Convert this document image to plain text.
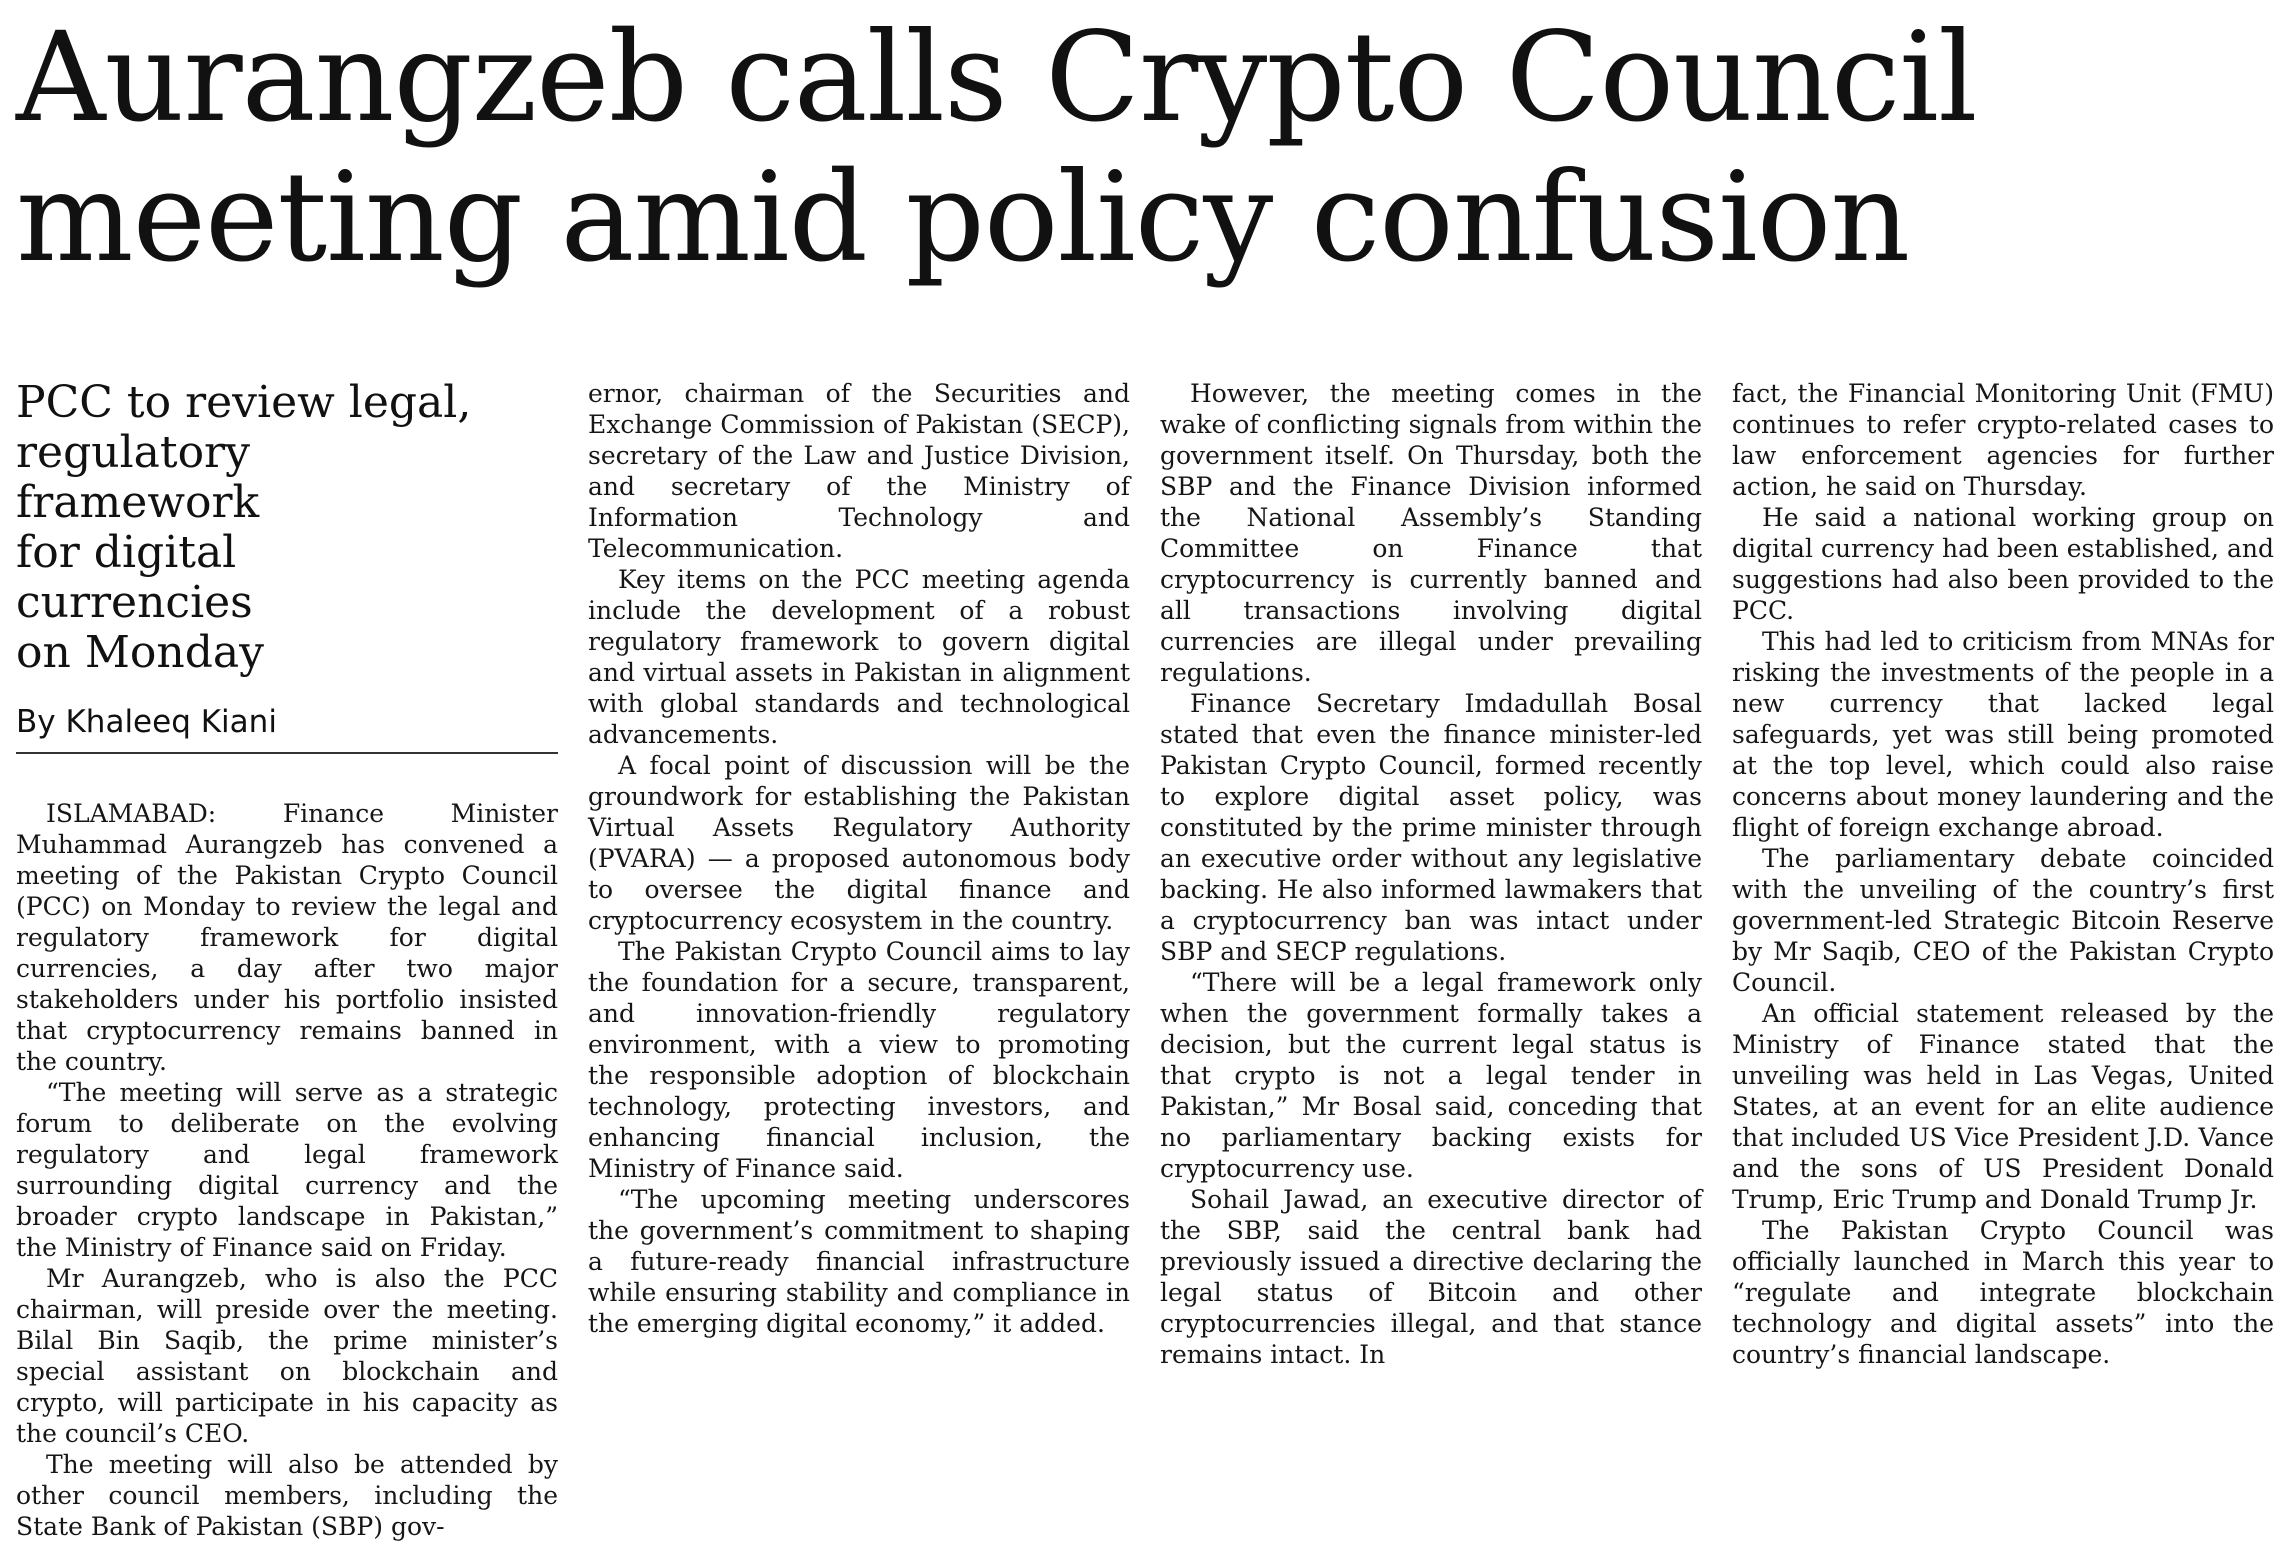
Aurangzeb calls Crypto Council
meeting amid policy confusion
PCC to review legal,
regulatory framework
for digital currencies
on Monday
By Khaleeq Kiani

ISLAMABAD: Finance Minister Muhammad Aurangzeb has convened a meeting of the Pakistan Crypto Council (PCC) on Monday to review the legal and regulatory framework for digital currencies, a day after two major stakeholders under his portfolio insisted that cryptocurrency remains banned in the country.

“The meeting will serve as a strategic forum to deliberate on the evolving regulatory and legal framework surrounding digital currency and the broader crypto landscape in Pakistan,” the Ministry of Finance said on Friday.

Mr Aurangzeb, who is also the PCC chairman, will preside over the meeting. Bilal Bin Saqib, the prime minister’s special assistant on blockchain and crypto, will participate in his capacity as the council’s CEO.

The meeting will also be attended by other council members, including the State Bank of Pakistan (SBP) gov-

ernor, chairman of the Securities and Exchange Commission of Pakistan (SECP), secretary of the Law and Justice Division, and secretary of the Ministry of Information Technology and Telecommunication.

Key items on the PCC meeting agenda include the development of a robust regulatory framework to govern digital and virtual assets in Pakistan in alignment with global standards and technological advancements.

A focal point of discussion will be the groundwork for establishing the Pakistan Virtual Assets Regulatory Authority (PVARA) — a proposed autonomous body to oversee the digital finance and cryptocurrency ecosystem in the country.

The Pakistan Crypto Council aims to lay the foundation for a secure, transparent, and innovation-friendly regulatory environment, with a view to promoting the responsible adoption of blockchain technology, protecting investors, and enhancing financial inclusion, the Ministry of Finance said.

“The upcoming meeting underscores the government’s commitment to shaping a future-ready financial infrastructure while ensuring stability and compliance in the emerging digital economy,” it added.

However, the meeting comes in the wake of conflicting signals from within the government itself. On Thursday, both the SBP and the Finance Division informed the National Assembly’s Standing Committee on Finance that cryptocurrency is currently banned and all transactions involving digital currencies are illegal under prevailing regulations.

Finance Secretary Imdadullah Bosal stated that even the finance minister-led Pakistan Crypto Council, formed recently to explore digital asset policy, was constituted by the prime minister through an executive order without any legislative backing. He also informed lawmakers that a cryptocurrency ban was intact under SBP and SECP regulations.

“There will be a legal framework only when the government formally takes a decision, but the current legal status is that crypto is not a legal tender in Pakistan,” Mr Bosal said, conceding that no parliamentary backing exists for cryptocurrency use.

Sohail Jawad, an executive director of the SBP, said the central bank had previously issued a directive declaring the legal status of Bitcoin and other cryptocurrencies illegal, and that stance remains intact. In

fact, the Financial Monitoring Unit (FMU) continues to refer crypto-related cases to law enforcement agencies for further action, he said on Thursday.

He said a national working group on digital currency had been established, and suggestions had also been provided to the PCC.

This had led to criticism from MNAs for risking the investments of the people in a new currency that lacked legal safeguards, yet was still being promoted at the top level, which could also raise concerns about money laundering and the flight of foreign exchange abroad.

The parliamentary debate coincided with the unveiling of the country’s first government-led Strategic Bitcoin Reserve by Mr Saqib, CEO of the Pakistan Crypto Council.

An official statement released by the Ministry of Finance stated that the unveiling was held in Las Vegas, United States, at an event for an elite audience that included US Vice President J.D. Vance and the sons of US President Donald Trump, Eric Trump and Donald Trump Jr.

The Pakistan Crypto Council was officially launched in March this year to “regulate and integrate blockchain technology and digital assets” into the country’s financial landscape.
